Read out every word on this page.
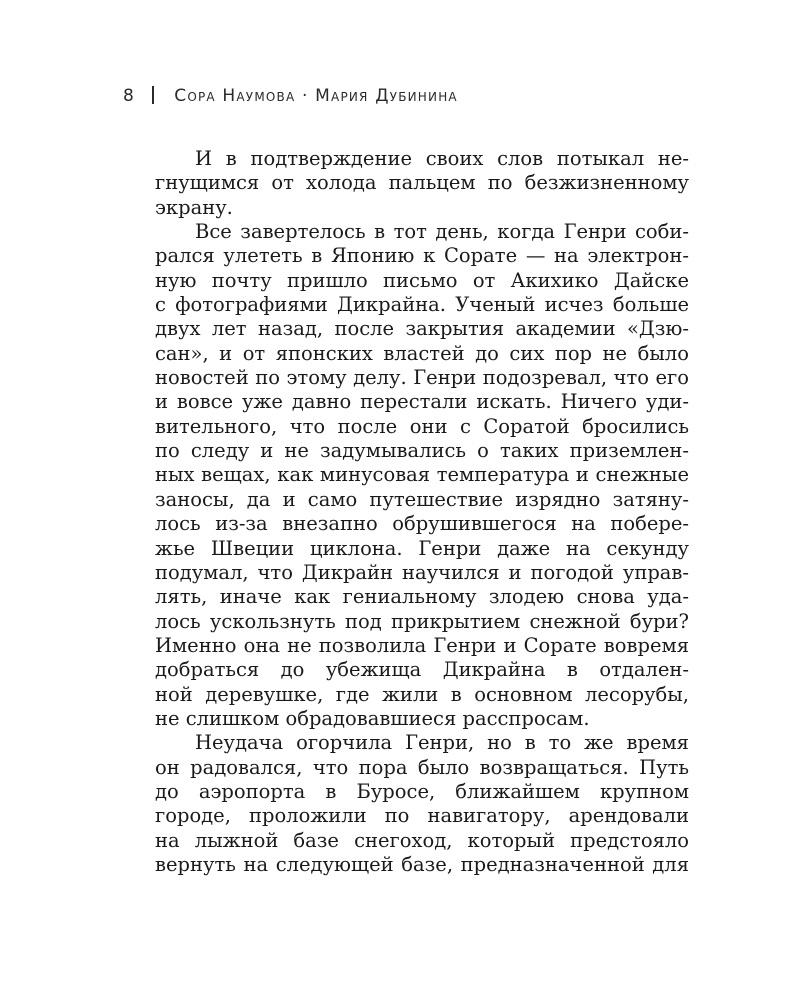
8 Сора Наумова · Мария Дубинина
И в подтверждение своих слов потыкал не-
гнущимся от холода пальцем по безжизненному
экрану.
Все завертелось в тот день, когда Генри соби-
рался улететь в Японию к Сорате — на электрон-
ную почту пришло письмо от Акихико Дайске
с фотографиями Дикрайна. Ученый исчез больше
двух лет назад, после закрытия академии «Дзю-
сан», и от японских властей до сих пор не было
новостей по этому делу. Генри подозревал, что его
и вовсе уже давно перестали искать. Ничего уди-
вительного, что после они с Соратой бросились
по следу и не задумывались о таких приземлен-
ных вещах, как минусовая температура и снежные
заносы, да и само путешествие изрядно затяну-
лось из-за внезапно обрушившегося на побере-
жье Швеции циклона. Генри даже на секунду
подумал, что Дикрайн научился и погодой управ-
лять, иначе как гениальному злодею снова уда-
лось ускользнуть под прикрытием снежной бури?
Именно она не позволила Генри и Сорате вовремя
добраться до убежища Дикрайна в отдален-
ной деревушке, где жили в основном лесорубы,
не слишком обрадовавшиеся расспросам.
Неудача огорчила Генри, но в то же время
он радовался, что пора было возвращаться. Путь
до аэропорта в Буросе, ближайшем крупном
городе, проложили по навигатору, арендовали
на лыжной базе снегоход, который предстояло
вернуть на следующей базе, предназначенной для
